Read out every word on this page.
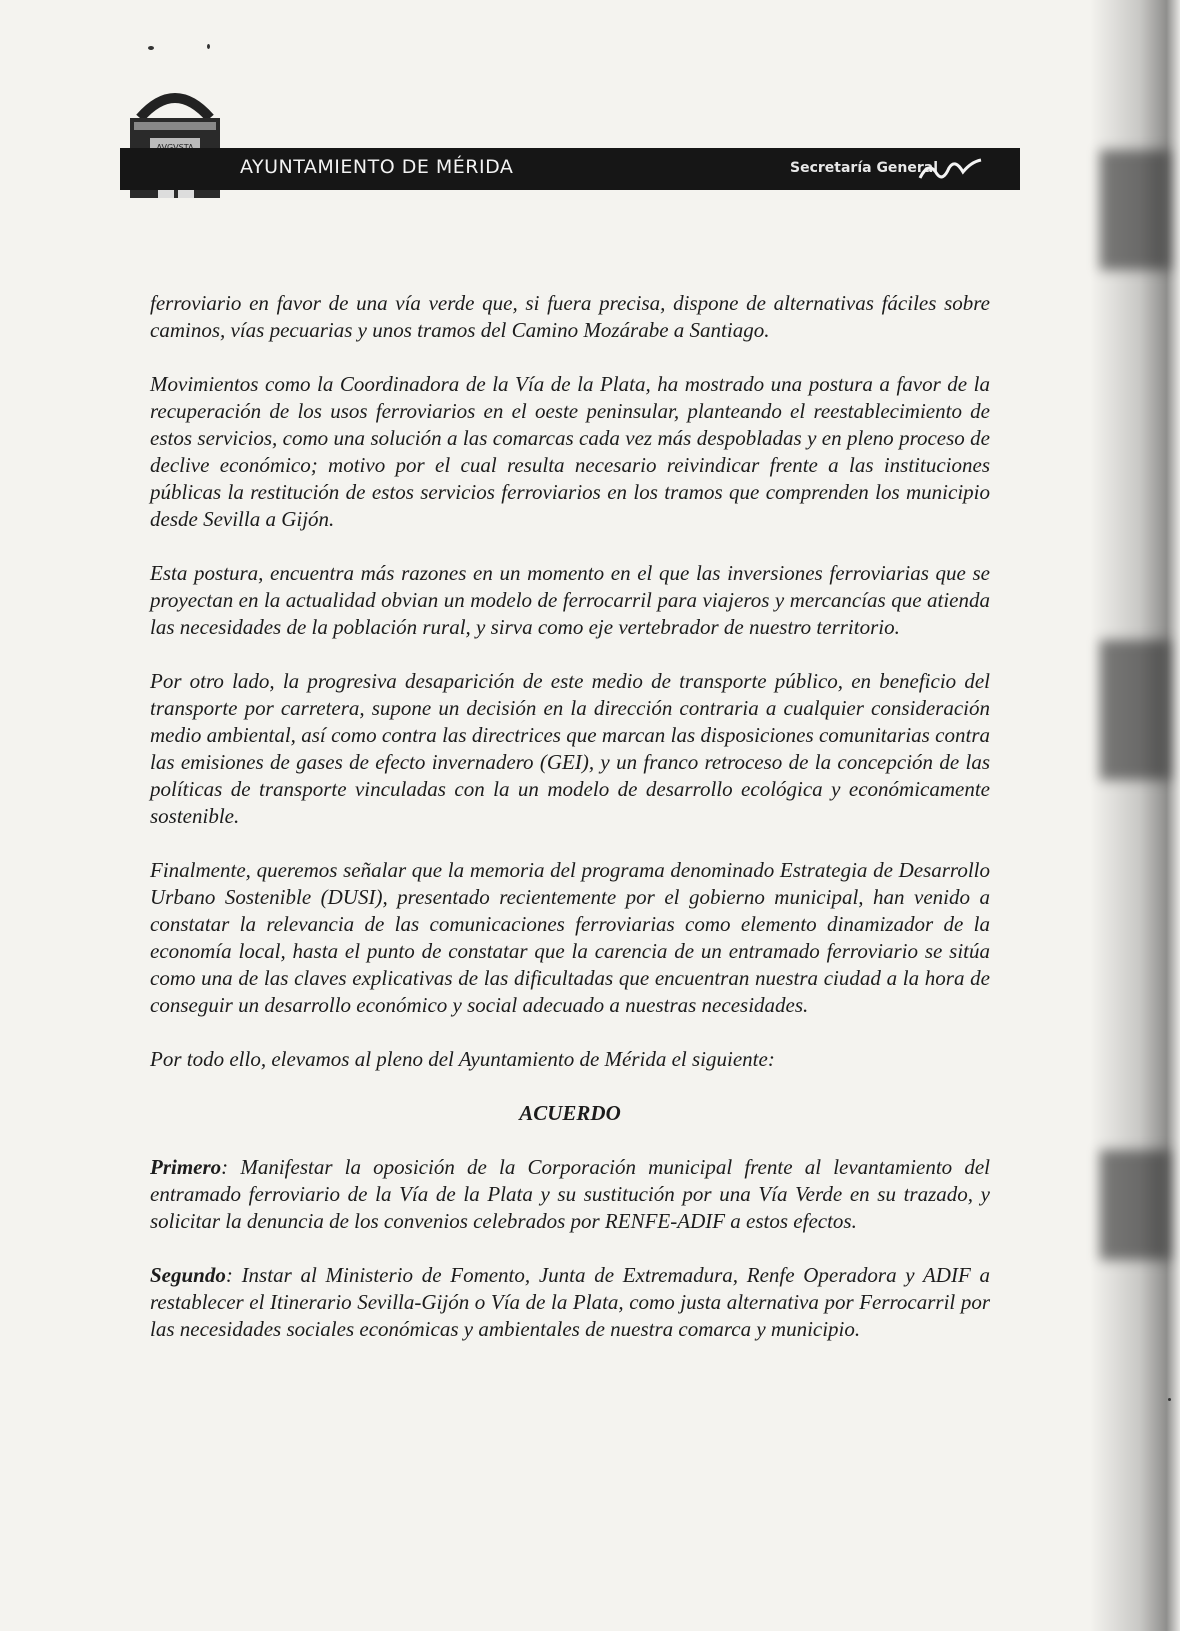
AYUNTAMIENTO DE MÉRIDA	Secretaría General

ferroviario en favor de una vía verde que, si fuera precisa, dispone de alternativas fáciles sobre caminos, vías pecuarias y unos tramos del Camino Mozárabe a Santiago.

Movimientos como la Coordinadora de la Vía de la Plata, ha mostrado una postura a favor de la recuperación de los usos ferroviarios en el oeste peninsular, planteando el reestablecimiento de estos servicios, como una solución a las comarcas cada vez más despobladas y en pleno proceso de declive económico; motivo por el cual resulta necesario reivindicar frente a las instituciones públicas la restitución de estos servicios ferroviarios en los tramos que comprenden los municipio desde Sevilla a Gijón.

Esta postura, encuentra más razones en un momento en el que las inversiones ferroviarias que se proyectan en la actualidad obvian un modelo de ferrocarril para viajeros y mercancías que atienda las necesidades de la población rural, y sirva como eje vertebrador de nuestro territorio.

Por otro lado, la progresiva desaparición de este medio de transporte público, en beneficio del transporte por carretera, supone un decisión en la dirección contraria a cualquier consideración medio ambiental, así como contra las directrices que marcan las disposiciones comunitarias contra las emisiones de gases de efecto invernadero (GEI), y un franco retroceso de la concepción de las políticas de transporte vinculadas con la un modelo de desarrollo ecológica y económicamente sostenible.

Finalmente, queremos señalar que la memoria del programa denominado Estrategia de Desarrollo Urbano Sostenible (DUSI), presentado recientemente por el gobierno municipal, han venido a constatar la relevancia de las comunicaciones ferroviarias como elemento dinamizador de la economía local, hasta el punto de constatar que la carencia de un entramado ferroviario se sitúa como una de las claves explicativas de las dificultadas que encuentran nuestra ciudad a la hora de conseguir un desarrollo económico y social adecuado a nuestras necesidades.

Por todo ello, elevamos al pleno del Ayuntamiento de Mérida el siguiente:

ACUERDO

Primero: Manifestar la oposición de la Corporación municipal frente al levantamiento del entramado ferroviario de la Vía de la Plata y su sustitución por una Vía Verde en su trazado, y solicitar la denuncia de los convenios celebrados por RENFE-ADIF a estos efectos.

Segundo: Instar al Ministerio de Fomento, Junta de Extremadura, Renfe Operadora y ADIF a restablecer el Itinerario Sevilla-Gijón o Vía de la Plata, como justa alternativa por Ferrocarril por las necesidades sociales económicas y ambientales de nuestra comarca y municipio.
